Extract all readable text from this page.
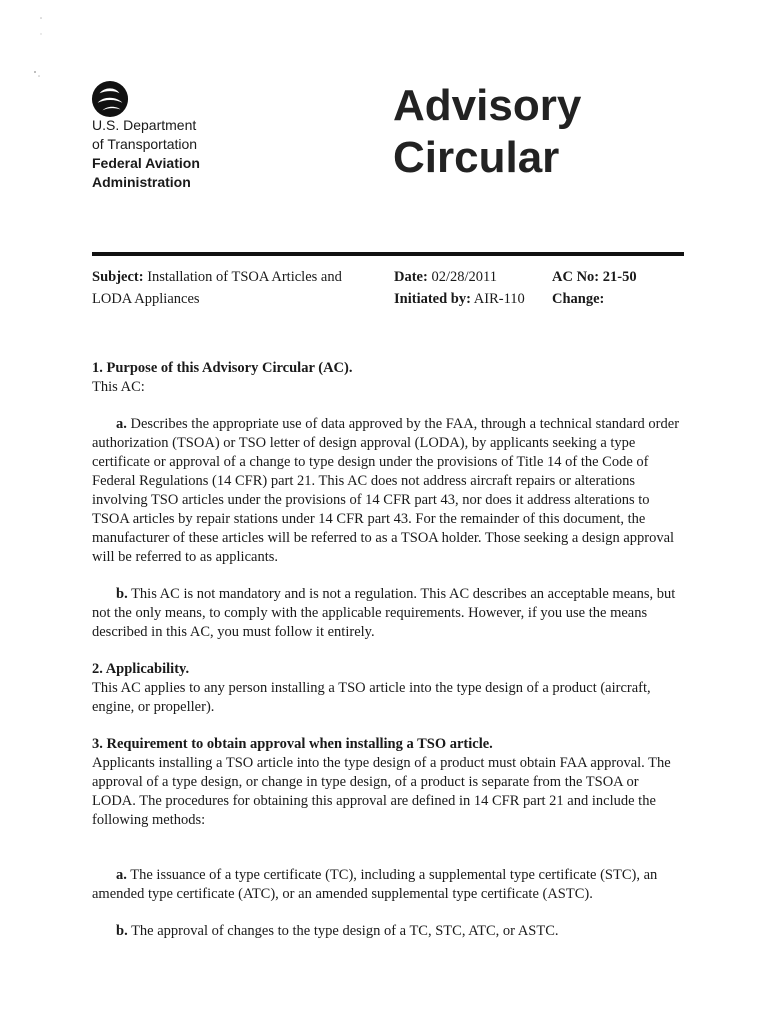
U.S. Department
of Transportation
Federal Aviation
Administration
Advisory
Circular
Subject: Installation of TSOA Articles and LODA Appliances
Date: 02/28/2011
Initiated by: AIR-110
AC No: 21-50
Change:

1. Purpose of this Advisory Circular (AC).

This AC:

a. Describes the appropriate use of data approved by the FAA, through a technical standard order authorization (TSOA) or TSO letter of design approval (LODA), by applicants seeking a type certificate or approval of a change to type design under the provisions of Title 14 of the Code of Federal Regulations (14 CFR) part 21. This AC does not address aircraft repairs or alterations involving TSO articles under the provisions of 14 CFR part 43, nor does it address alterations to TSOA articles by repair stations under 14 CFR part 43. For the remainder of this document, the manufacturer of these articles will be referred to as a TSOA holder. Those seeking a design approval will be referred to as applicants.

b. This AC is not mandatory and is not a regulation. This AC describes an acceptable means, but not the only means, to comply with the applicable requirements. However, if you use the means described in this AC, you must follow it entirely.

2. Applicability.

This AC applies to any person installing a TSO article into the type design of a product (aircraft, engine, or propeller).

3. Requirement to obtain approval when installing a TSO article.

Applicants installing a TSO article into the type design of a product must obtain FAA approval. The approval of a type design, or change in type design, of a product is separate from the TSOA or LODA. The procedures for obtaining this approval are defined in 14 CFR part 21 and include the following methods:

a. The issuance of a type certificate (TC), including a supplemental type certificate (STC), an amended type certificate (ATC), or an amended supplemental type certificate (ASTC).

b. The approval of changes to the type design of a TC, STC, ATC, or ASTC.
